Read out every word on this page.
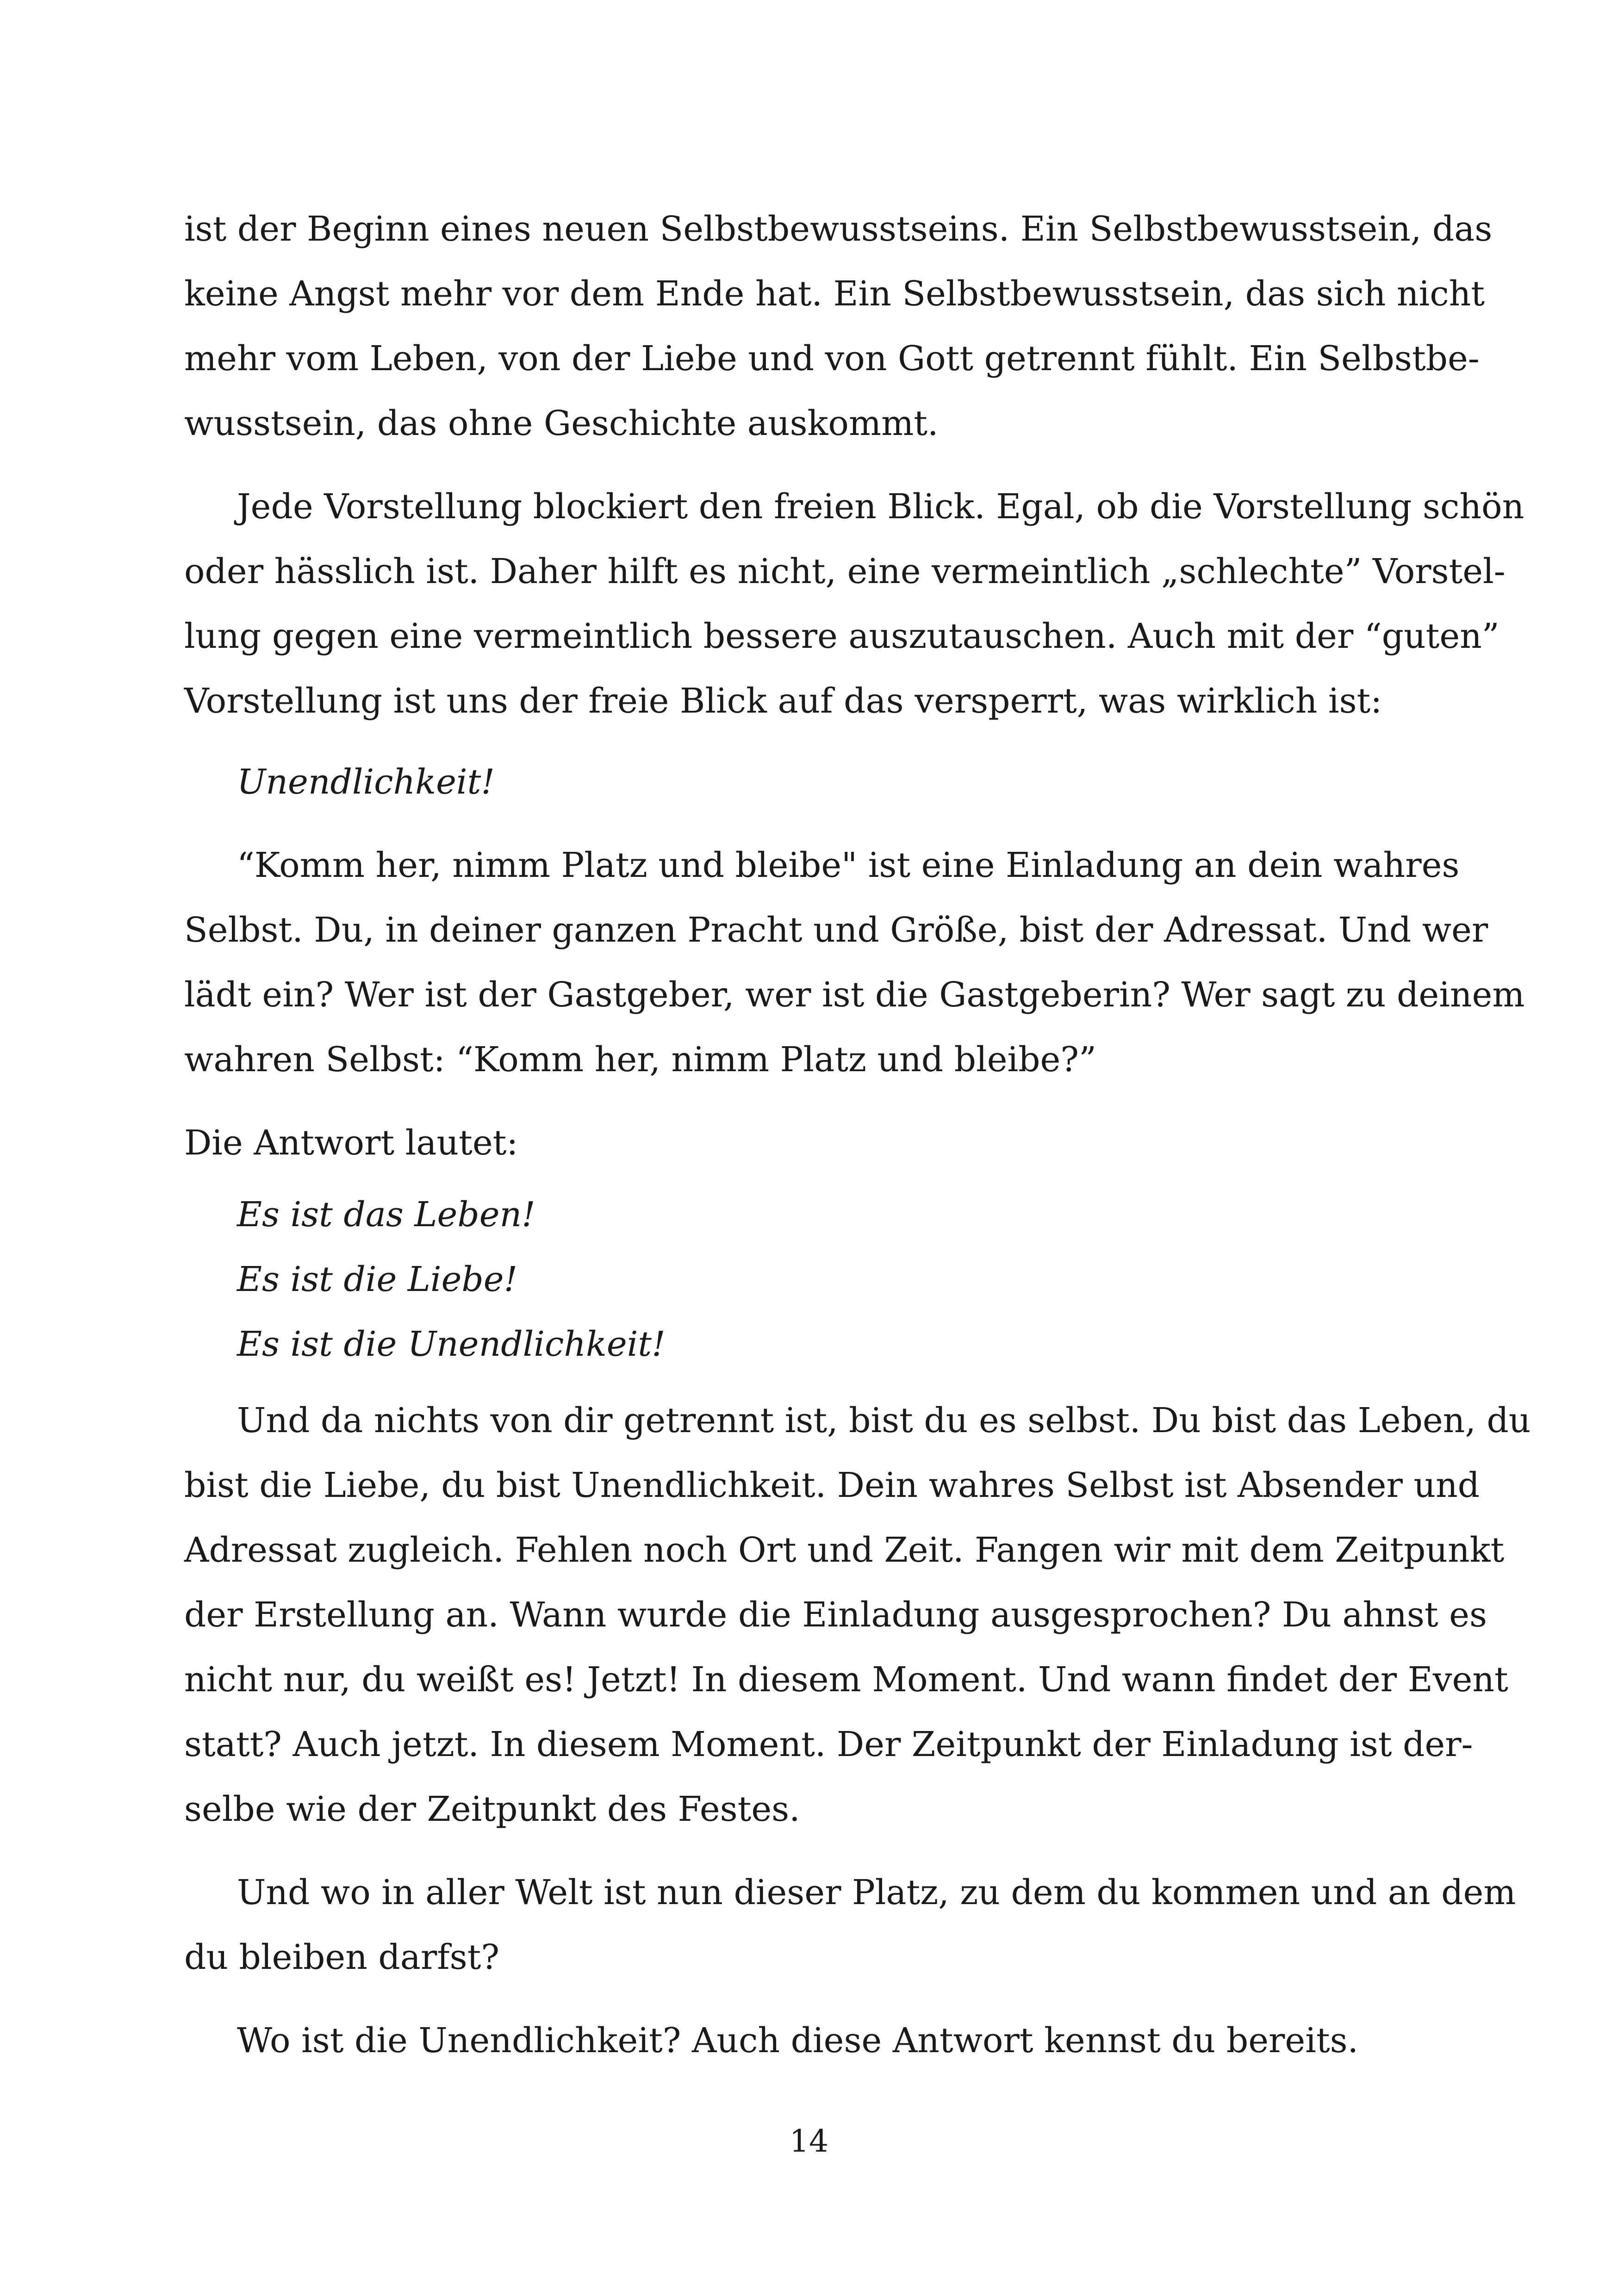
ist der Beginn eines neuen Selbstbewusstseins. Ein Selbstbewusstsein, das

keine Angst mehr vor dem Ende hat. Ein Selbstbewusstsein, das sich nicht

mehr vom Leben, von der Liebe und von Gott getrennt fühlt. Ein Selbstbe-

wusstsein, das ohne Geschichte auskommt.

Jede Vorstellung blockiert den freien Blick. Egal, ob die Vorstellung schön

oder hässlich ist. Daher hilft es nicht, eine vermeintlich „schlechte” Vorstel-

lung gegen eine vermeintlich bessere auszutauschen. Auch mit der “guten”

Vorstellung ist uns der freie Blick auf das versperrt, was wirklich ist:

Unendlichkeit!

“Komm her, nimm Platz und bleibe" ist eine Einladung an dein wahres

Selbst. Du, in deiner ganzen Pracht und Größe, bist der Adressat. Und wer

lädt ein? Wer ist der Gastgeber, wer ist die Gastgeberin? Wer sagt zu deinem

wahren Selbst: “Komm her, nimm Platz und bleibe?”

Die Antwort lautet:

Es ist das Leben!

Es ist die Liebe!

Es ist die Unendlichkeit!

Und da nichts von dir getrennt ist, bist du es selbst. Du bist das Leben, du

bist die Liebe, du bist Unendlichkeit. Dein wahres Selbst ist Absender und

Adressat zugleich. Fehlen noch Ort und Zeit. Fangen wir mit dem Zeitpunkt

der Erstellung an. Wann wurde die Einladung ausgesprochen? Du ahnst es

nicht nur, du weißt es! Jetzt! In diesem Moment. Und wann findet der Event

statt? Auch jetzt. In diesem Moment. Der Zeitpunkt der Einladung ist der-

selbe wie der Zeitpunkt des Festes.

Und wo in aller Welt ist nun dieser Platz, zu dem du kommen und an dem

du bleiben darfst?

Wo ist die Unendlichkeit? Auch diese Antwort kennst du bereits.

14
